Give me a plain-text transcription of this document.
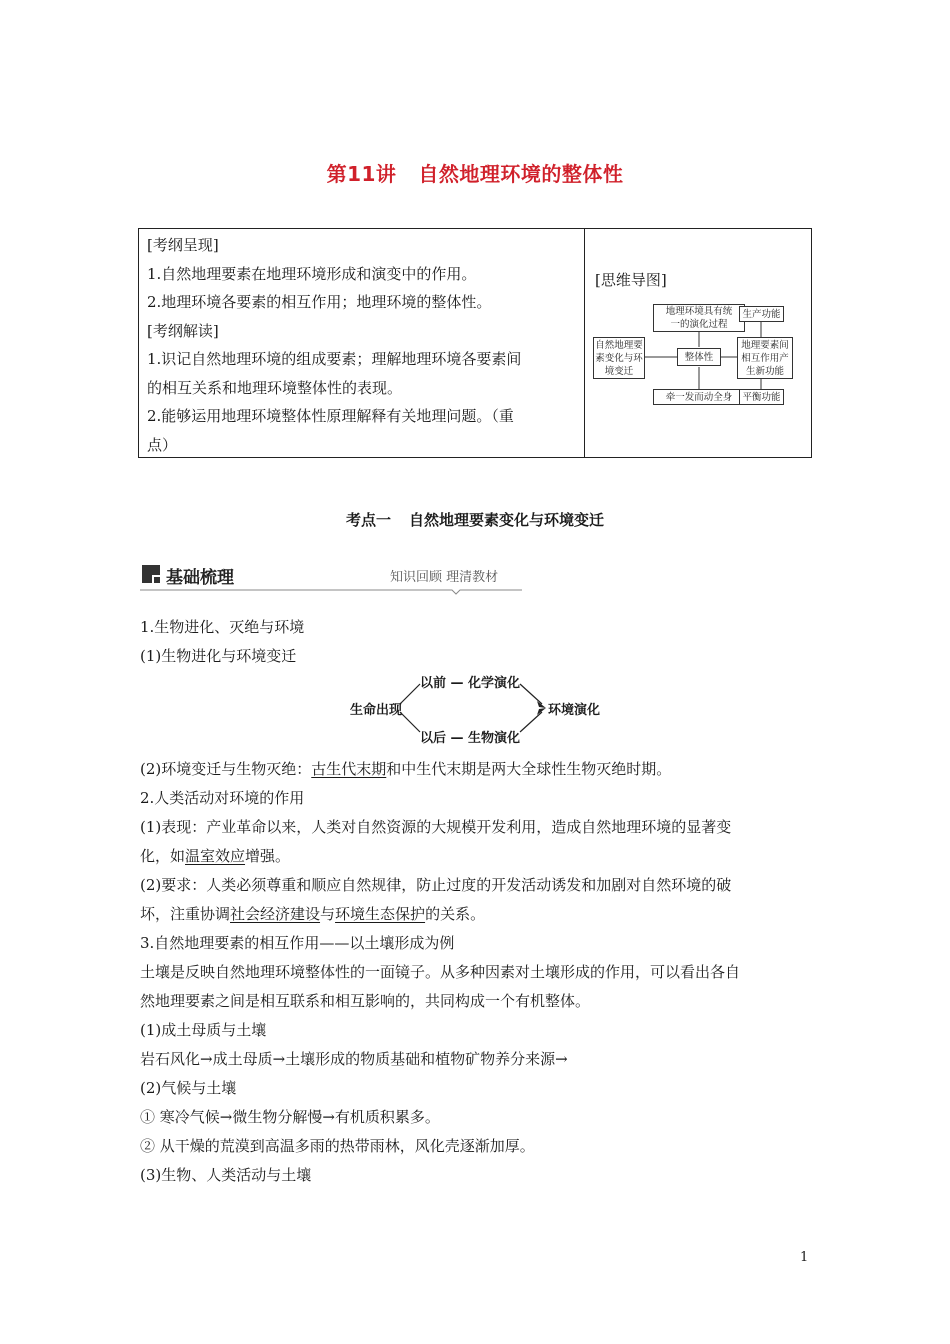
第11讲 自然地理环境的整体性
[考纲呈现]
1.自然地理要素在地理环境形成和演变中的作用。
2.地理环境各要素的相互作用；地理环境的整体性。
[考纲解读]
1.识记自然地理环境的组成要素；理解地理环境各要素间
的相互关系和地理环境整体性的表现。
2.能够运用地理环境整体性原理解释有关地理问题。（重
点）
[思维导图]
地理环境具有统
一的演化过程
生产功能
自然地理要
素变化与环
境变迁
整体性
地理要素间
相互作用产
生新功能
牵一发而动全身 平衡功能
考点一 自然地理要素变化与环境变迁
基础梳理	知识回顾 理清教材
1.生物进化、灭绝与环境
(1)生物进化与环境变迁
生命出现
以前 — 化学演化
以后 — 生物演化
环境演化
(2)环境变迁与生物灭绝：古生代末期和中生代末期是两大全球性生物灭绝时期。
2.人类活动对环境的作用
(1)表现：产业革命以来，人类对自然资源的大规模开发利用，造成自然地理环境的显著变
化，如温室效应增强。
(2)要求：人类必须尊重和顺应自然规律，防止过度的开发活动诱发和加剧对自然环境的破
坏，注重协调社会经济建设与环境生态保护的关系。
3.自然地理要素的相互作用——以土壤形成为例
土壤是反映自然地理环境整体性的一面镜子。从多种因素对土壤形成的作用，可以看出各自
然地理要素之间是相互联系和相互影响的，共同构成一个有机整体。
(1)成土母质与土壤
岩石风化→成土母质→土壤形成的物质基础和植物矿物养分来源→
(2)气候与土壤
① 寒冷气候→微生物分解慢→有机质积累多。
② 从干燥的荒漠到高温多雨的热带雨林，风化壳逐渐加厚。
(3)生物、人类活动与土壤
1
